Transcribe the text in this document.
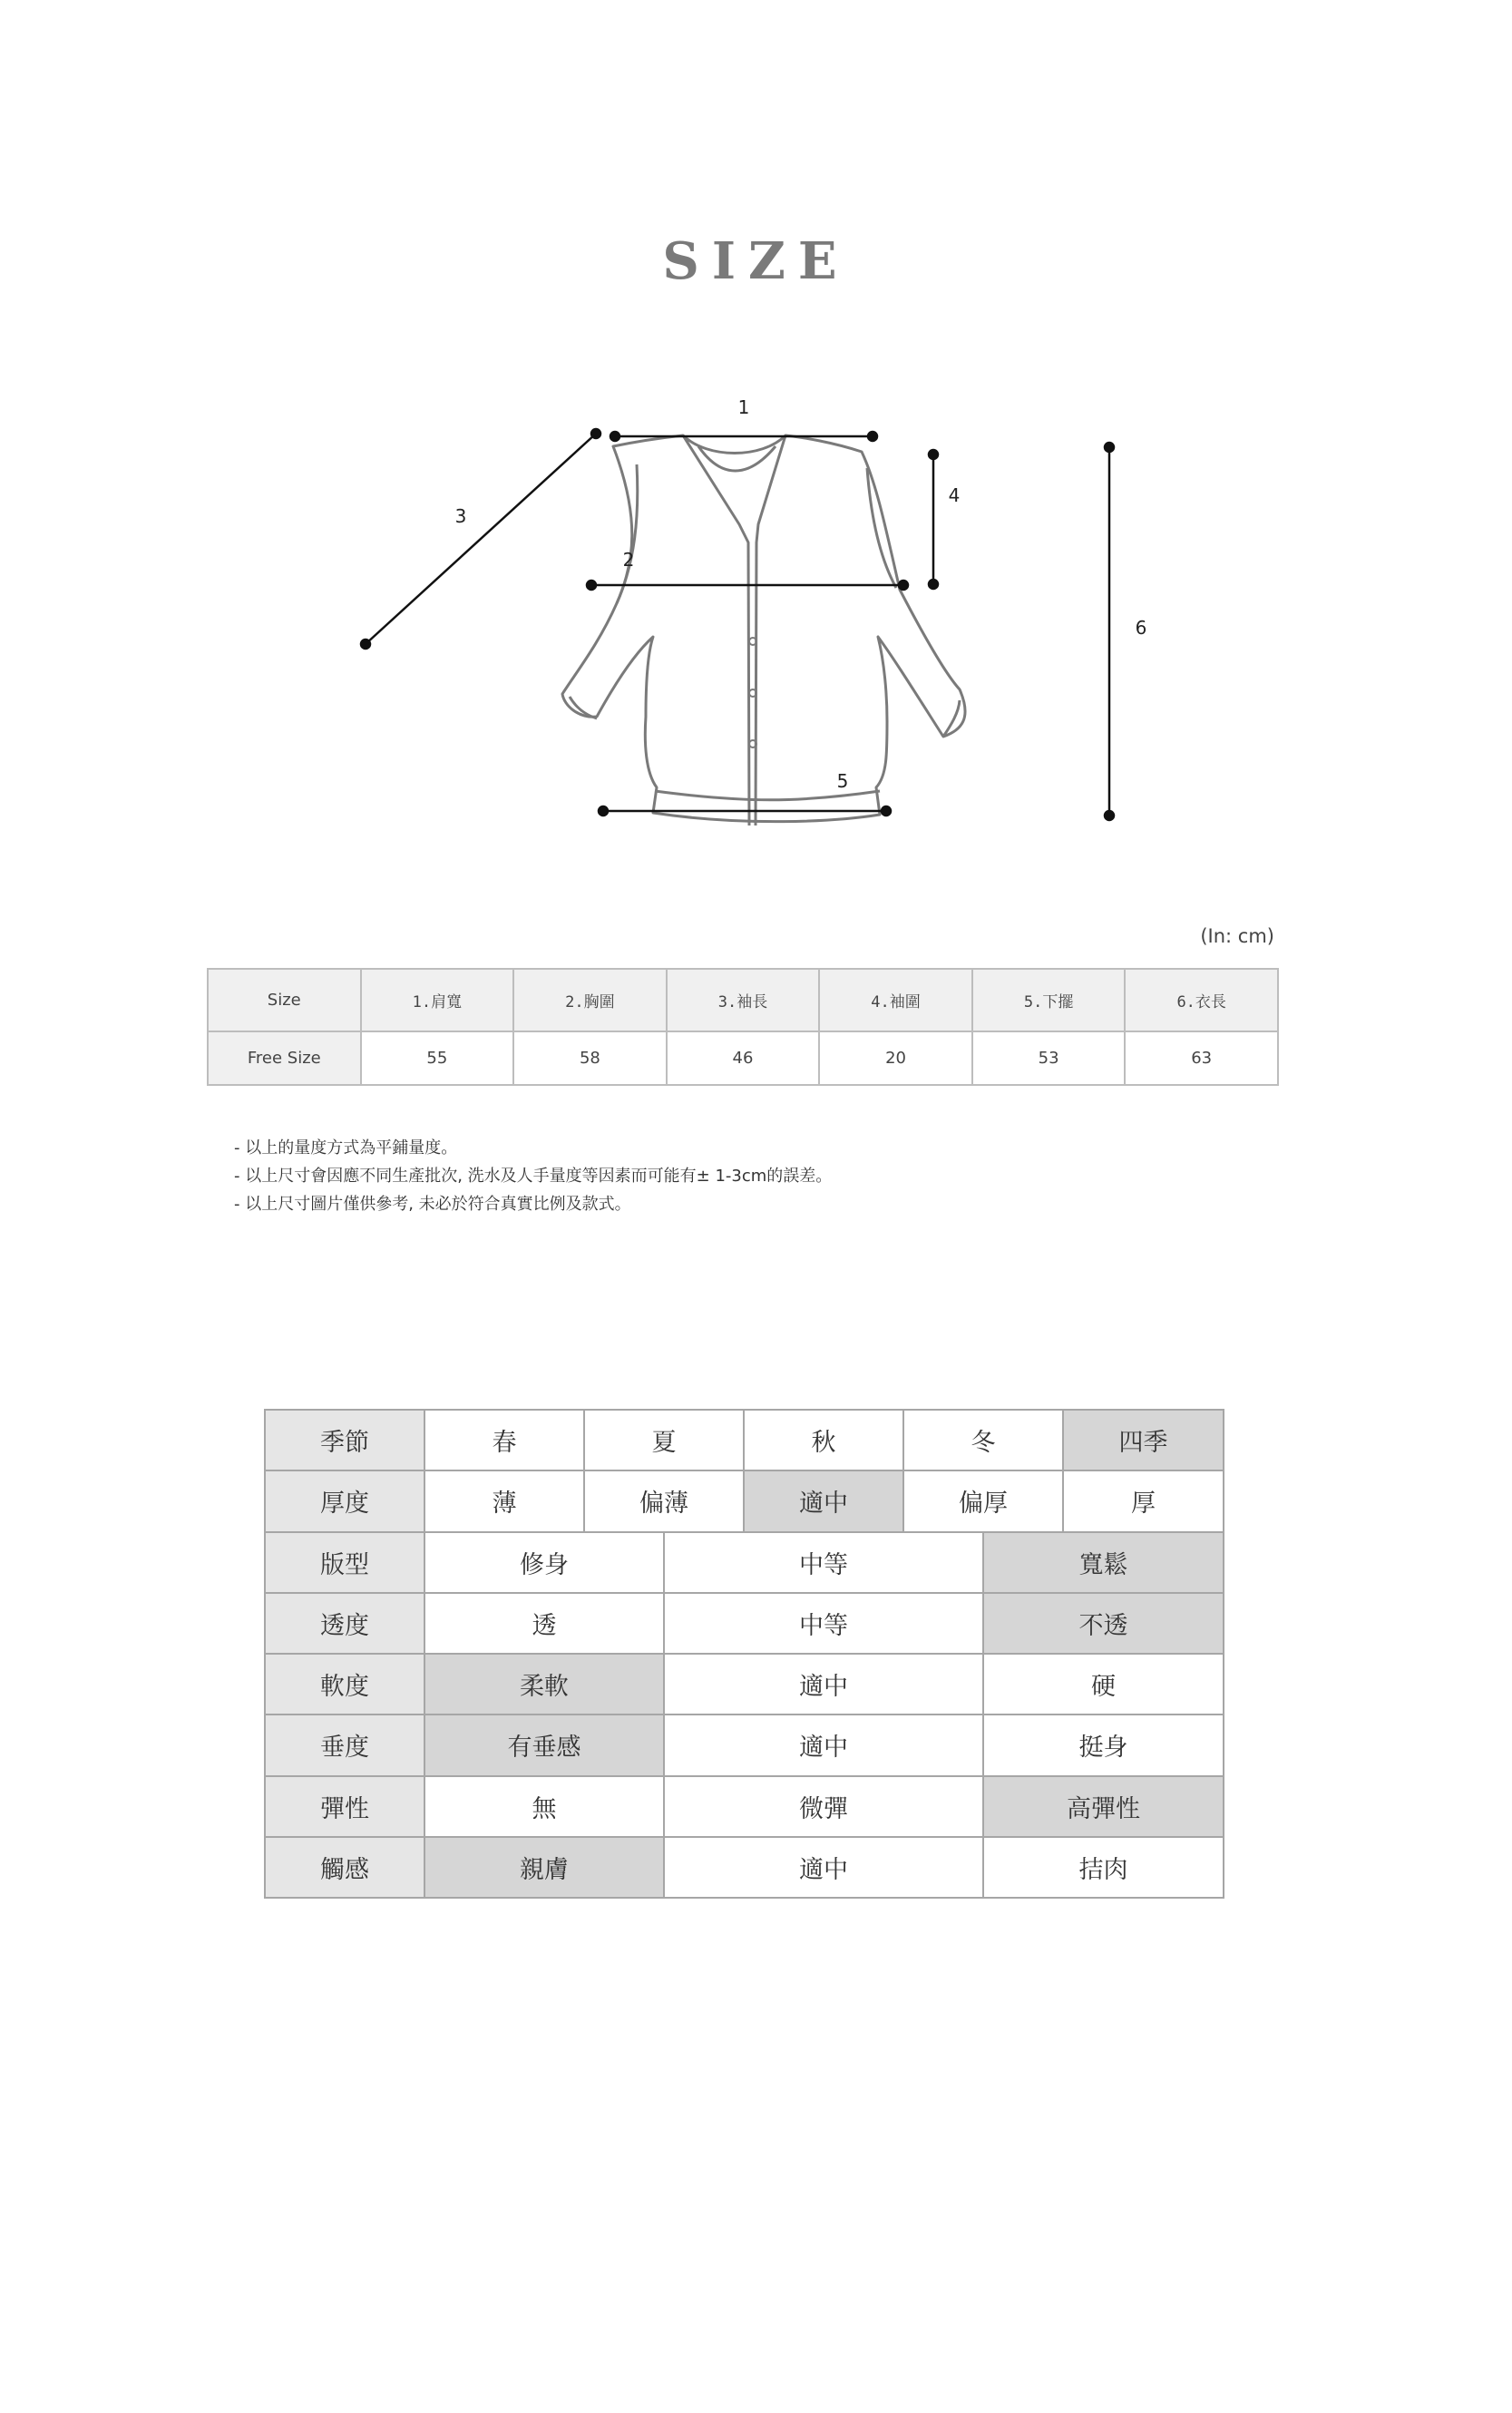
SIZE
1
2
3
4
5
6
(In: cm)
Size	1.肩寬	2.胸圍	3.袖長	4.袖圍	5.下擺	6.衣長
Free Size	55	58	46	20	53	63
- 以上的量度方式為平鋪量度。
- 以上尺寸會因應不同生產批次, 洗水及人手量度等因素而可能有± 1-3cm的誤差。
- 以上尺寸圖片僅供參考, 未必於符合真實比例及款式。
季節	春	夏		秋	冬		四季
厚度	薄	偏薄		適中	偏厚		厚
版型	修身		中等			寬鬆	
透度	透		中等			不透	
軟度	柔軟		適中			硬	
垂度	有垂感		適中			挺身	
彈性	無		微彈			高彈性	
觸感	親膚		適中			拮肉	
